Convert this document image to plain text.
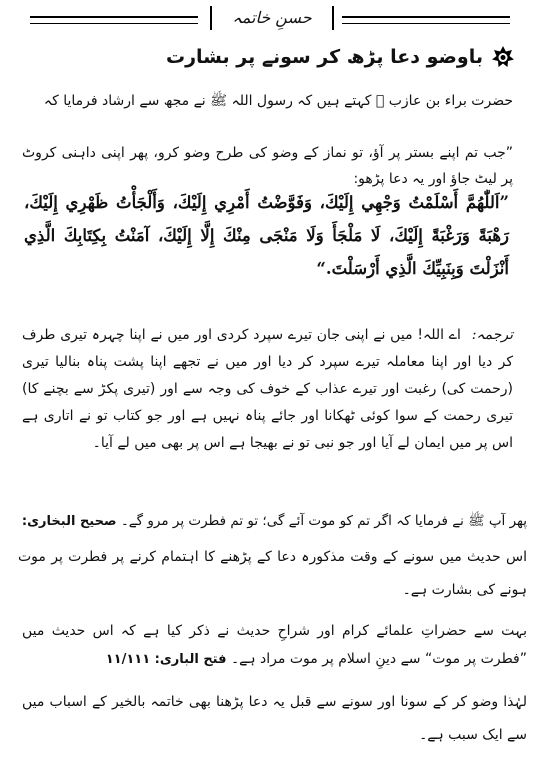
حسنِ خاتمہ
باوضو دعا پڑھ کر سونے پر بشارت
حضرت براء بن عازب ﷛ کہتے ہیں کہ رسول اللہ ﷺ نے مجھ سے ارشاد فرمایا کہ
”جب تم اپنے بستر پر آؤ، تو نماز کے وضو کی طرح وضو کرو، پھر اپنی داہنی کروٹ پر لیٹ جاؤ اور یہ دعا پڑھو:
”اَللّٰهُمَّ أَسْلَمْتُ وَجْهِي إِلَيْكَ، وَفَوَّضْتُ أَمْرِي إِلَيْكَ، وَأَلْجَأْتُ ظَهْرِي إِلَيْكَ، رَهْبَةً وَرَغْبَةً إِلَيْكَ، لَا مَلْجَأَ وَلَا مَنْجَى مِنْكَ إِلَّا إِلَيْكَ، آمَنْتُ بِكِتَابِكَ الَّذِي أَنْزَلْتَ وَبِنَبِيِّكَ الَّذِي أَرْسَلْتَ.“
ترجمہ: اے اللہ! میں نے اپنی جان تیرے سپرد کردی اور میں نے اپنا چہرہ تیری طرف کر دیا اور اپنا معاملہ تیرے سپرد کر دیا اور میں نے تجھے اپنا پشت پناہ بنالیا تیری (رحمت کی) رغبت اور تیرے عذاب کے خوف کی وجہ سے اور (تیری پکڑ سے بچنے کا) تیری رحمت کے سوا کوئی ٹھکانا اور جائے پناہ نہیں ہے اور جو کتاب تو نے اتاری ہے اس پر میں ایمان لے آیا اور جو نبی تو نے بھیجا ہے اس پر بھی میں لے آیا۔
پھر آپ ﷺ نے فرمایا کہ اگر تم کو موت آئے گی؛ تو تم فطرت پر مرو گے۔ صحیح البخاری:
اس حدیث میں سونے کے وقت مذکورہ دعا کے پڑھنے کا اہتمام کرنے پر فطرت پر موت ہونے کی بشارت ہے۔
بہت سے حضراتِ علمائے کرام اور شراحِ حدیث نے ذکر کیا ہے کہ اس حدیث میں ”فطرت پر موت“ سے دینِ اسلام پر موت مراد ہے۔ فتح الباری: ۱۱/۱۱۱
لہٰذا وضو کر کے سونا اور سونے سے قبل یہ دعا پڑھنا بھی خاتمہ بالخیر کے اسباب میں سے ایک سبب ہے۔
